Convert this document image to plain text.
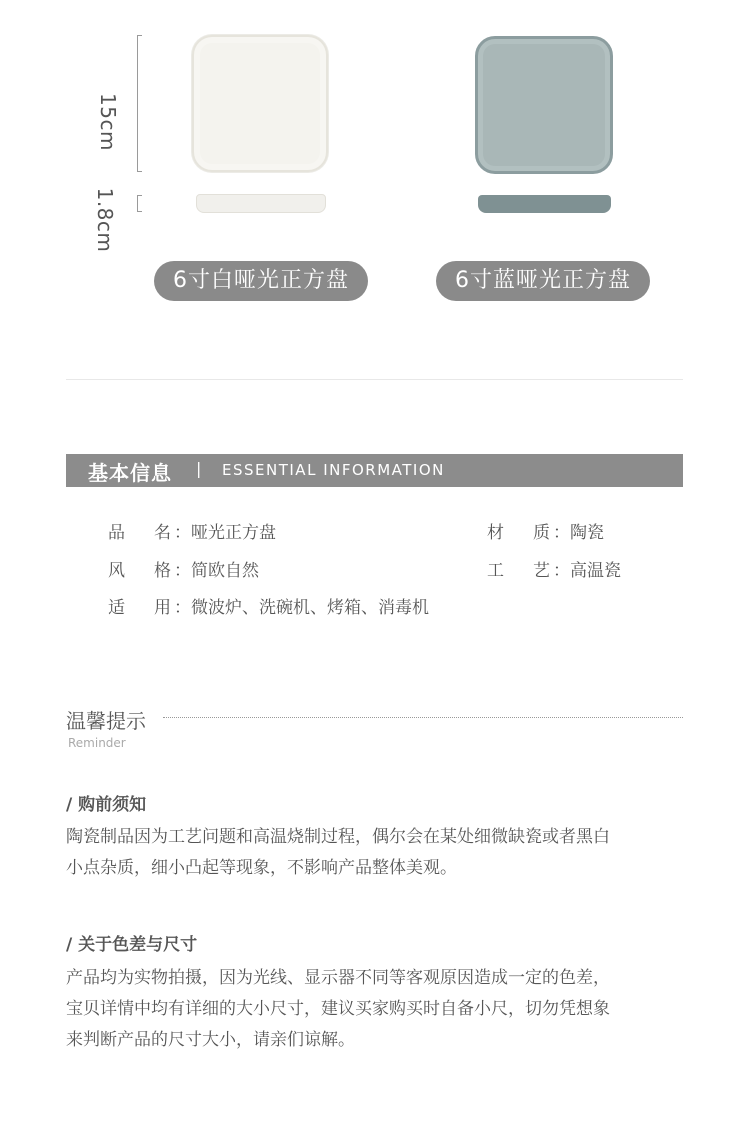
15cm
1.8cm
6寸白哑光正方盘	6寸蓝哑光正方盘
基本信息 | ESSENTIAL INFORMATION
品 名 ：哑光正方盘	材 质 ：陶瓷
风 格 ：简欧自然	工 艺 ：高温瓷
适 用 ：微波炉、洗碗机、烤箱、消毒机
温馨提示
Reminder
/ 购前须知
陶瓷制品因为工艺问题和高温烧制过程，偶尔会在某处细微缺瓷或者黑白
小点杂质，细小凸起等现象，不影响产品整体美观。
/ 关于色差与尺寸
产品均为实物拍摄，因为光线、显示器不同等客观原因造成一定的色差，
宝贝详情中均有详细的大小尺寸，建议买家购买时自备小尺，切勿凭想象
来判断产品的尺寸大小，请亲们谅解。
